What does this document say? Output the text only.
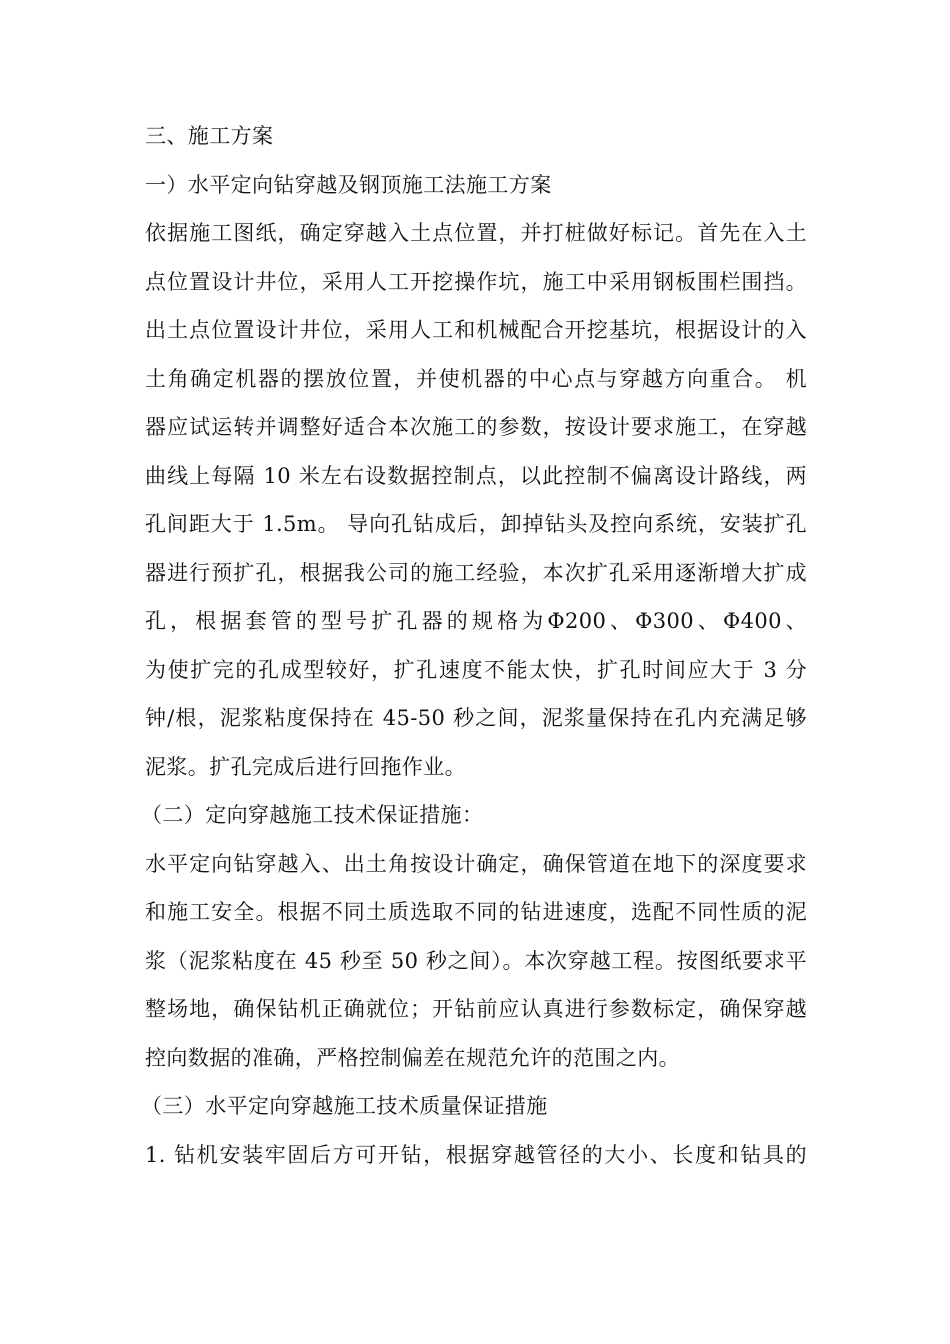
三、施工方案
一）水平定向钻穿越及钢顶施工法施工方案
依据施工图纸，确定穿越入土点位置，并打桩做好标记。首先在入土
点位置设计井位，采用人工开挖操作坑，施工中采用钢板围栏围挡。
出土点位置设计井位，采用人工和机械配合开挖基坑，根据设计的入
土角确定机器的摆放位置，并使机器的中心点与穿越方向重合。 机
器应试运转并调整好适合本次施工的参数，按设计要求施工，在穿越
曲线上每隔 10 米左右设数据控制点，以此控制不偏离设计路线，两
孔间距大于 1.5m。 导向孔钻成后，卸掉钻头及控向系统，安装扩孔
器进行预扩孔，根据我公司的施工经验，本次扩孔采用逐渐增大扩成
孔，根据套管的型号扩孔器的规格为Φ200、Φ300、Φ400、
为使扩完的孔成型较好，扩孔速度不能太快，扩孔时间应大于 3 分
钟/根，泥浆粘度保持在 45-50 秒之间，泥浆量保持在孔内充满足够
泥浆。扩孔完成后进行回拖作业。
（二）定向穿越施工技术保证措施：
水平定向钻穿越入、出土角按设计确定，确保管道在地下的深度要求
和施工安全。根据不同土质选取不同的钻进速度，选配不同性质的泥
浆（泥浆粘度在 45 秒至 50 秒之间）。本次穿越工程。按图纸要求平
整场地，确保钻机正确就位；开钻前应认真进行参数标定，确保穿越
控向数据的准确，严格控制偏差在规范允许的范围之内。
（三）水平定向穿越施工技术质量保证措施
1. 钻机安装牢固后方可开钻，根据穿越管径的大小、长度和钻具的
